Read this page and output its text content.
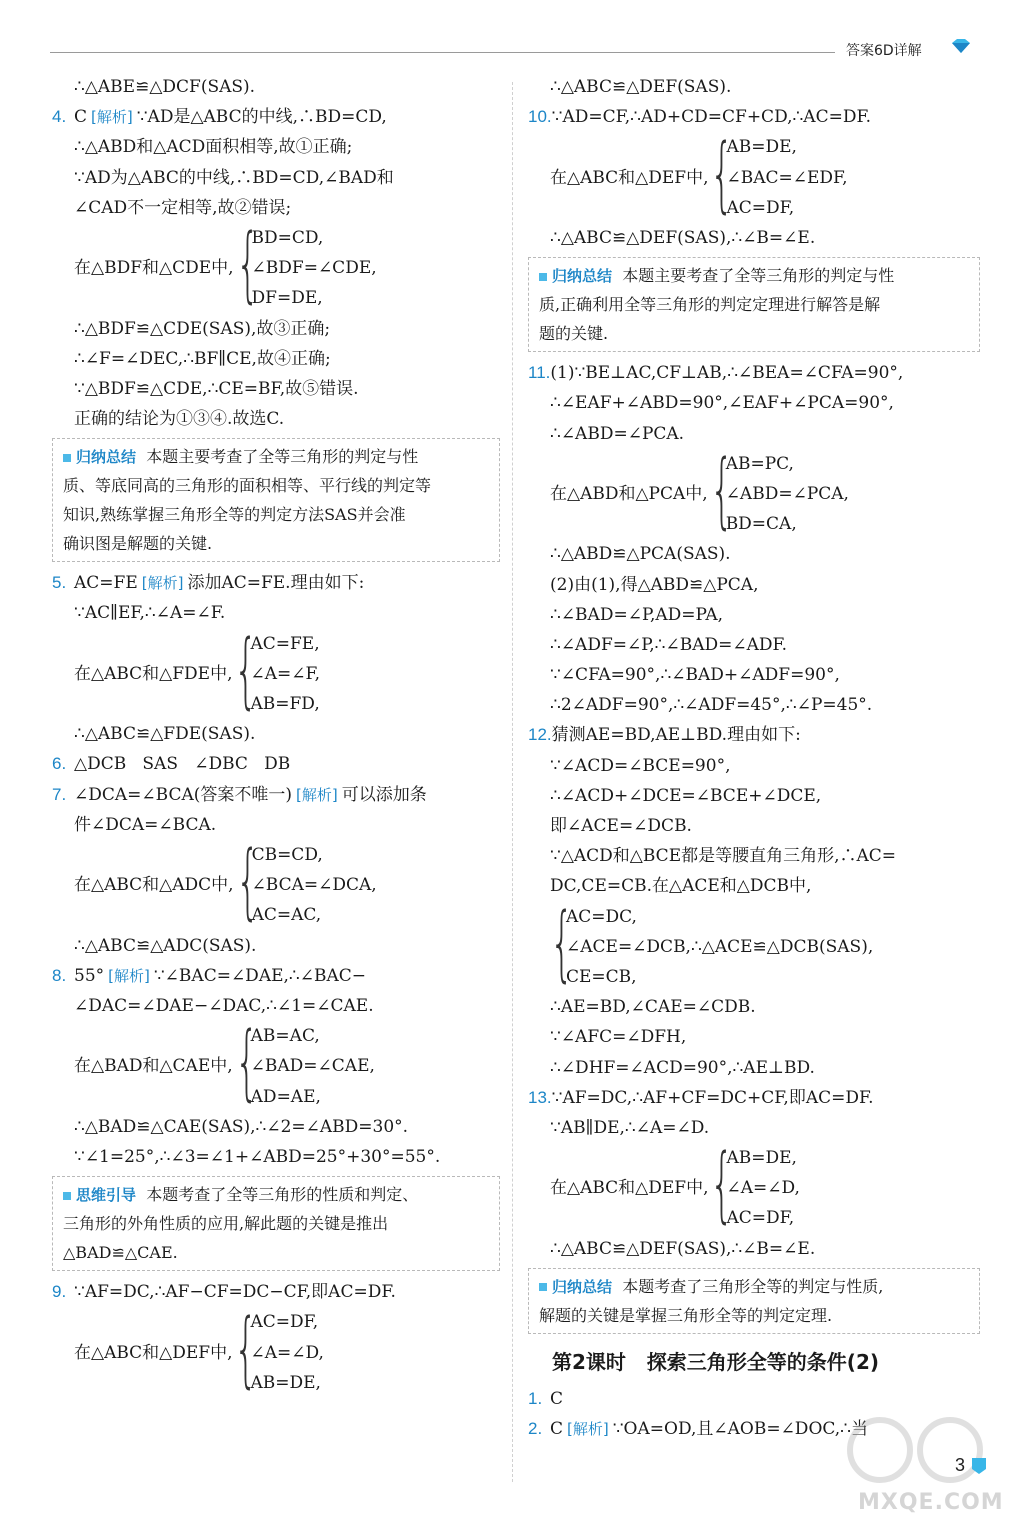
答案6D详解
∴△ABE≌△DCF(SAS).
4. C [解析] ∵AD是△ABC的中线,∴BD=CD,
∴△ABD和△ACD面积相等,故①正确;
∵AD为△ABC的中线,∴BD=CD,∠BAD和
∠CAD不一定相等,故②错误;
在△BDF和△CDE中, {
BD=CD,
∠BDF=∠CDE,
DF=DE,
∴△BDF≌△CDE(SAS),故③正确;
∴∠F=∠DEC,∴BF∥CE,故④正确;
∵△BDF≌△CDE,∴CE=BF,故⑤错误.
正确的结论为①③④.故选C.
归纳总结 本题主要考查了全等三角形的判定与性
质、等底同高的三角形的面积相等、平行线的判定等
知识,熟练掌握三角形全等的判定方法SAS并会准
确识图是解题的关键.
5. AC=FE [解析] 添加AC=FE.理由如下:
∵AC∥EF,∴∠A=∠F.
在△ABC和△FDE中, {
AC=FE,
∠A=∠F,
AB=FD,
∴△ABC≌△FDE(SAS).
6. △DCB   SAS   ∠DBC   DB
7. ∠DCA=∠BCA(答案不唯一) [解析] 可以添加条
件∠DCA=∠BCA.
在△ABC和△ADC中, {
CB=CD,
∠BCA=∠DCA,
AC=AC,
∴△ABC≌△ADC(SAS).
8. 55° [解析] ∵∠BAC=∠DAE,∴∠BAC−
∠DAC=∠DAE−∠DAC,∴∠1=∠CAE.
在△BAD和△CAE中, {
AB=AC,
∠BAD=∠CAE,
AD=AE,
∴△BAD≌△CAE(SAS),∴∠2=∠ABD=30°.
∵∠1=25°,∴∠3=∠1+∠ABD=25°+30°=55°.
思维引导 本题考查了全等三角形的性质和判定、
三角形的外角性质的应用,解此题的关键是推出
△BAD≌△CAE.
9. ∵AF=DC,∴AF−CF=DC−CF,即AC=DF.
在△ABC和△DEF中, {
AC=DF,
∠A=∠D,
AB=DE,
∴△ABC≌△DEF(SAS).
10.∵AD=CF,∴AD+CD=CF+CD,∴AC=DF.
在△ABC和△DEF中, {
AB=DE,
∠BAC=∠EDF,
AC=DF,
∴△ABC≌△DEF(SAS),∴∠B=∠E.
归纳总结 本题主要考查了全等三角形的判定与性
质,正确利用全等三角形的判定定理进行解答是解
题的关键.
11.(1)∵BE⊥AC,CF⊥AB,∴∠BEA=∠CFA=90°,
∴∠EAF+∠ABD=90°,∠EAF+∠PCA=90°,
∴∠ABD=∠PCA.
在△ABD和△PCA中, {
AB=PC,
∠ABD=∠PCA,
BD=CA,
∴△ABD≌△PCA(SAS).
(2)由(1),得△ABD≌△PCA,
∴∠BAD=∠P,AD=PA,
∴∠ADF=∠P,∴∠BAD=∠ADF.
∵∠CFA=90°,∴∠BAD+∠ADF=90°,
∴2∠ADF=90°,∴∠ADF=45°,∴∠P=45°.
12.猜测AE=BD,AE⊥BD.理由如下:
∵∠ACD=∠BCE=90°,
∴∠ACD+∠DCE=∠BCE+∠DCE,
即∠ACE=∠DCB.
∵△ACD和△BCE都是等腰直角三角形,∴AC=
DC,CE=CB.在△ACE和△DCB中,
{
AC=DC,
∠ACE=∠DCB,∴△ACE≌△DCB(SAS),
CE=CB,
∴AE=BD,∠CAE=∠CDB.
∵∠AFC=∠DFH,
∴∠DHF=∠ACD=90°,∴AE⊥BD.
13.∵AF=DC,∴AF+CF=DC+CF,即AC=DF.
∵AB∥DE,∴∠A=∠D.
在△ABC和△DEF中, {
AB=DE,
∠A=∠D,
AC=DF,
∴△ABC≌△DEF(SAS),∴∠B=∠E.
归纳总结 本题考查了三角形全等的判定与性质,
解题的关键是掌握三角形全等的判定定理.
第2课时   探索三角形全等的条件(2)
1. C
2. C [解析] ∵OA=OD,且∠AOB=∠DOC,∴当
MXQE.COM
3
